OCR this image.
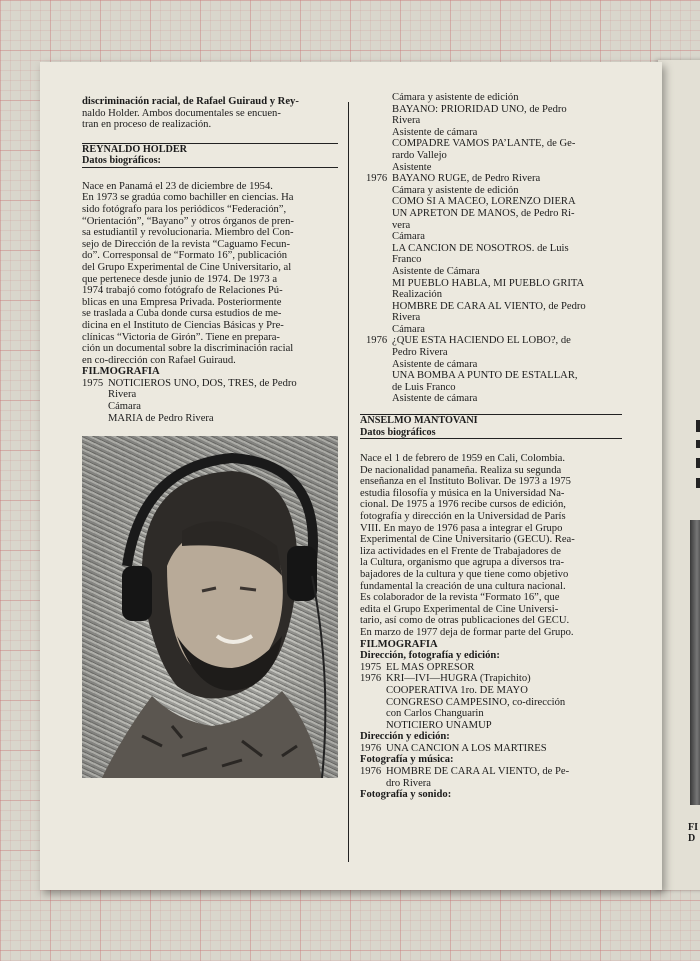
FI
D

discriminación racial, de Rafael Guiraud y Rey-

naldo Holder. Ambos documentales se encuen-

tran en proceso de realización.

REYNALDO HOLDER
Datos biográficos:

Nace en Panamá el 23 de diciembre de 1954.

En 1973 se gradúa como bachiller en ciencias. Ha

sido fotógrafo para los periódicos “Federación”,

“Orientación”, “Bayano” y otros órganos de pren-

sa estudiantil y revolucionaria. Miembro del Con-

sejo de Dirección de la revista “Caguamo Fecun-

do”. Corresponsal de “Formato 16”, publicación

del Grupo Experimental de Cine Universitario, al

que pertenece desde junio de 1974. De 1973 a

1974 trabajó como fotógrafo de Relaciones Pú-

blicas en una Empresa Privada. Posteriormente

se traslada a Cuba donde cursa estudios de me-

dicina en el Instituto de Ciencias Básicas y Pre-

clínicas “Victoria de Girón”. Tiene en prepara-

ción un documental sobre la discriminación racial

en co-dirección con Rafael Guiraud.

FILMOGRAFIA
1975 NOTICIEROS UNO, DOS, TRES, de Pedro
Rivera
Cámara
MARIA de Pedro Rivera
Cámara y asistente de edición
BAYANO: PRIORIDAD UNO, de Pedro
Rivera
Asistente de cámara
COMPADRE VAMOS PA’LANTE, de Ge-
rardo Vallejo
Asistente
1976 BAYANO RUGE, de Pedro Rivera
Cámara y asistente de edición
COMO SI A MACEO, LORENZO DIERA
UN APRETON DE MANOS, de Pedro Ri-
vera
Cámara
LA CANCION DE NOSOTROS. de Luis
Franco
Asistente de Cámara
MI PUEBLO HABLA, MI PUEBLO GRITA
Realización
HOMBRE DE CARA AL VIENTO, de Pedro
Rivera
Cámara
1976 ¿QUE ESTA HACIENDO EL LOBO?, de
Pedro Rivera
Asistente de cámara
UNA BOMBA A PUNTO DE ESTALLAR,
de Luis Franco
Asistente de cámara
ANSELMO MANTOVANI
Datos biográficos

Nace el 1 de febrero de 1959 en Cali, Colombia.

De nacionalidad panameña. Realiza su segunda

enseñanza en el Instituto Bolivar. De 1973 a 1975

estudia filosofía y música en la Universidad Na-

cional. De 1975 a 1976 recibe cursos de edición,

fotografía y dirección en la Universidad de París

VIII. En mayo de 1976 pasa a integrar el Grupo

Experimental de Cine Universitario (GECU). Rea-

liza actividades en el Frente de Trabajadores de

la Cultura, organismo que agrupa a diversos tra-

bajadores de la cultura y que tiene como objetivo

fundamental la creación de una cultura nacional.

Es colaborador de la revista “Formato 16”, que

edita el Grupo Experimental de Cine Universi-

tario, así como de otras publicaciones del GECU.

En marzo de 1977 deja de formar parte del Grupo.

FILMOGRAFIA
Dirección, fotografía y edición:
1975 EL MAS OPRESOR
1976 KRI—IVI—HUGRA (Trapichito)
COOPERATIVA 1ro. DE MAYO
CONGRESO CAMPESINO, co-dirección
con Carlos Changuarin
NOTICIERO UNAMUP
Dirección y edición:
1976 UNA CANCION A LOS MARTIRES
Fotografía y música:
1976 HOMBRE DE CARA AL VIENTO, de Pe-
dro Rivera
Fotografía y sonido:
